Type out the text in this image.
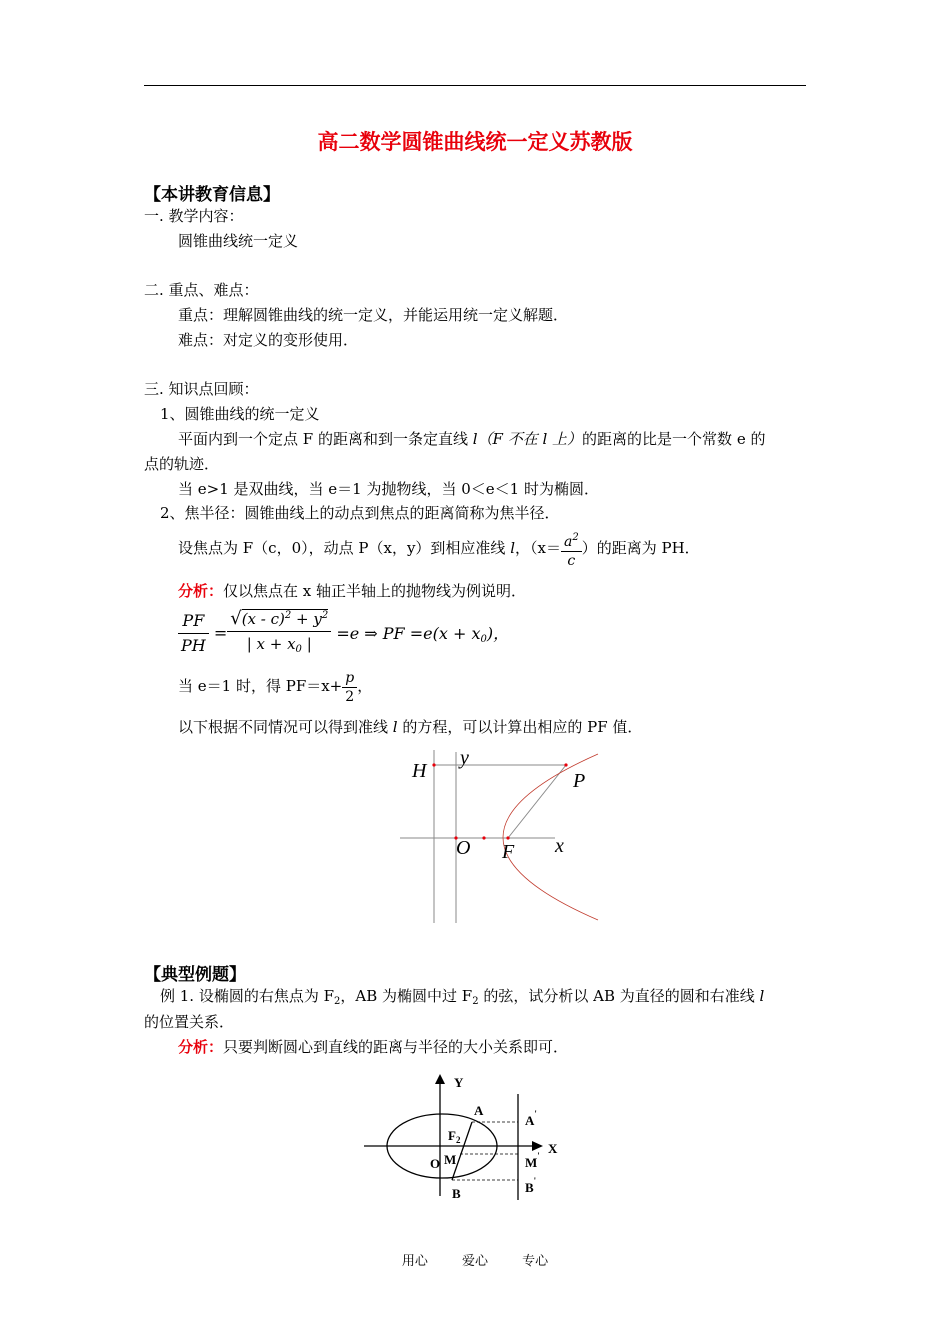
高二数学圆锥曲线统一定义苏教版
【本讲教育信息】
一. 教学内容：
圆锥曲线统一定义
二. 重点、难点：
重点：理解圆锥曲线的统一定义，并能运用统一定义解题．
难点：对定义的变形使用．
三. 知识点回顾：
1、圆锥曲线的统一定义
平面内到一个定点 F 的距离和到一条定直线 l（F 不在 l 上）的距离的比是一个常数 e 的
点的轨迹．
当 e>1 是双曲线，当 e＝1 为抛物线，当 0＜e＜1 时为椭圆．
2、焦半径：圆锥曲线上的动点到焦点的距离简称为焦半径．
设焦点为 F（c，0），动点 P（x，y）到相应准线 l，（$x= \frac{a^2}{c}$ ）的距离为 PH．
分析：仅以焦点在 x 轴正半轴上的抛物线为例说明．
$\frac{PF}{PH} = \frac{√(x - c)^2 + y^2}{| x + x_0 |} =e$ ⇒ PF $=e(x + x_0)$，
当 e＝1 时，得 $PF=x+ \frac{p}{2}$ ，
以下根据不同情况可以得到准线 l 的方程，可以计算出相应的 PF 值．
H
y
P
O F x
【典型例题】
例 1. 设椭圆的右焦点为 $F_2$，AB 为椭圆中过 $F_2$ 的弦，试分析以 AB 为直径的圆和右准线 l
的位置关系．
分析：只要判断圆心到直线的距离与半径的大小关系即可．
Y
X
A
$F_2$
O M
B
A'
M'
B'
用心 爱心 专心
